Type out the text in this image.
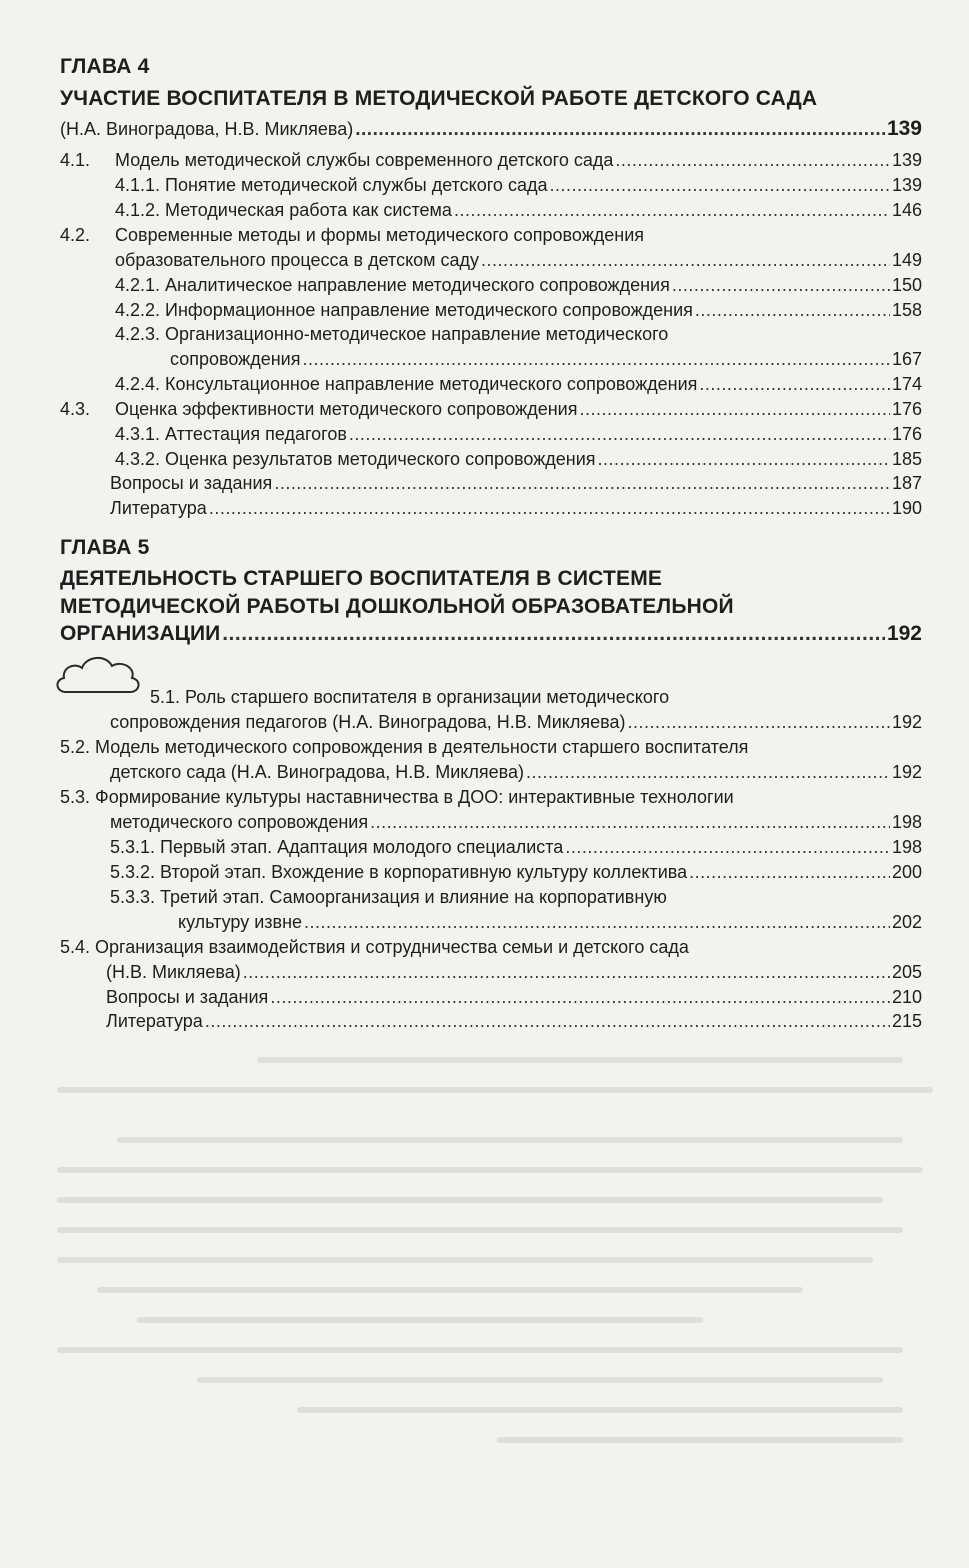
ГЛАВА 4
УЧАСТИЕ ВОСПИТАТЕЛЯ В МЕТОДИЧЕСКОЙ РАБОТЕ ДЕТСКОГО САДА
(Н.А. Виноградова, Н.В. Микляева) .....	139
4.1.	Модель методической службы современного детского сада .....	139
4.1.1. Понятие методической службы детского сада .....	139
4.1.2. Методическая работа как система .....	146
4.2. Современные методы и формы методического сопровождения
образовательного процесса в детском саду .....	149
4.2.1. Аналитическое направление методического сопровождения .....	150
4.2.2. Информационное направление методического сопровождения .....	158
4.2.3. Организационно-методическое направление методического
сопровождения .....	167
4.2.4. Консультационное направление методического сопровождения .....	174
4.3.	Оценка эффективности методического сопровождения .....	176
4.3.1. Аттестация педагогов .....	176
4.3.2. Оценка результатов методического сопровождения .....	185
Вопросы и задания .....	187
Литература .....	190
ГЛАВА 5
ДЕЯТЕЛЬНОСТЬ СТАРШЕГО ВОСПИТАТЕЛЯ В СИСТЕМЕ
МЕТОДИЧЕСКОЙ РАБОТЫ ДОШКОЛЬНОЙ ОБРАЗОВАТЕЛЬНОЙ
ОРГАНИЗАЦИИ .....	192
5.1. Роль старшего воспитателя в организации методического
сопровождения педагогов (Н.А. Виноградова, Н.В. Микляева) .....	192
5.2. Модель методического сопровождения в деятельности старшего воспитателя
детского сада (Н.А. Виноградова, Н.В. Микляева) .....	192
5.3. Формирование культуры наставничества в ДОО: интерактивные технологии
методического сопровождения .....	198
5.3.1. Первый этап. Адаптация молодого специалиста .....	198
5.3.2. Второй этап. Вхождение в корпоративную культуру коллектива .....	200
5.3.3. Третий этап. Самоорганизация и влияние на корпоративную
культуру извне .....	202
5.4. Организация взаимодействия и сотрудничества семьи и детского сада
(Н.В. Микляева) .....	205
Вопросы и задания .....	210
Литература .....	215
